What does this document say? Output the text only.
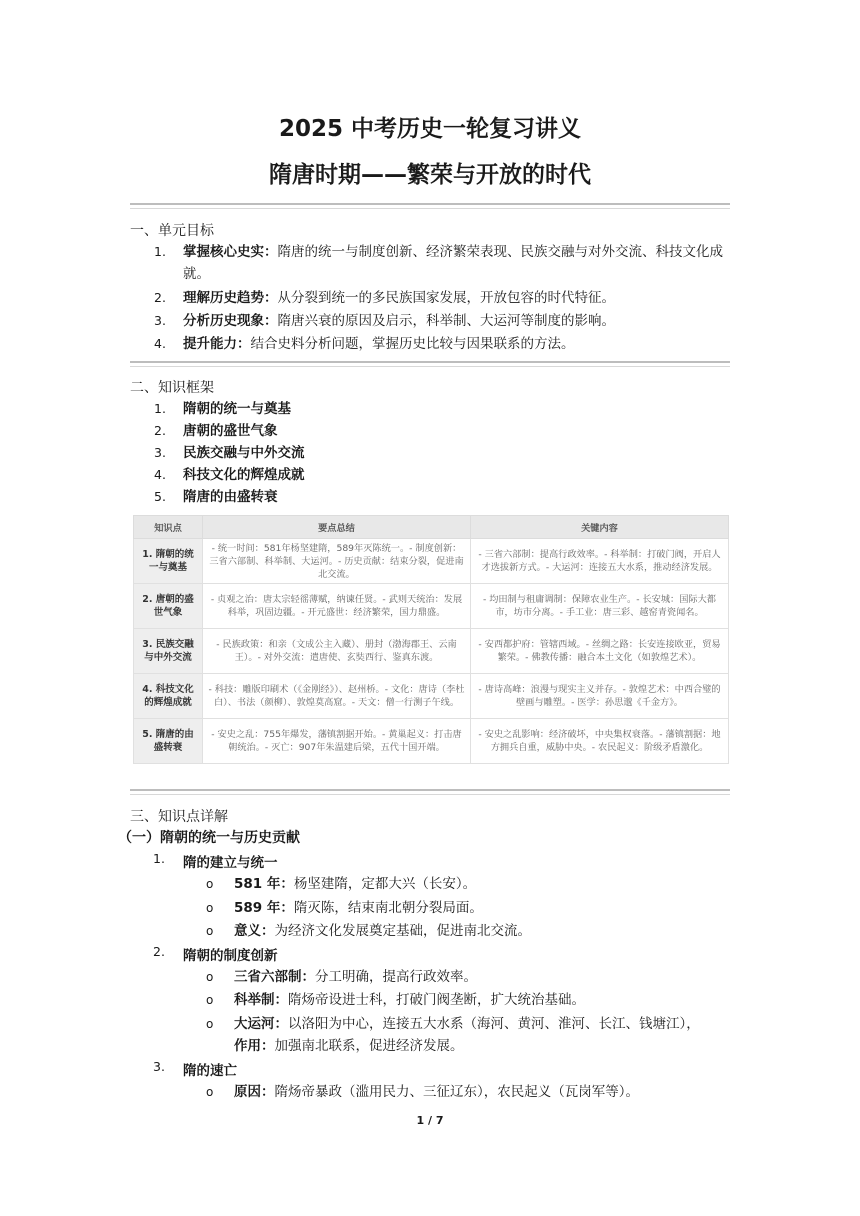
2025 中考历史一轮复习讲义
隋唐时期——繁荣与开放的时代
一、单元目标
1. 掌握核心史实：隋唐的统一与制度创新、经济繁荣表现、民族交融与对外交流、科技文化成就。
2. 理解历史趋势：从分裂到统一的多民族国家发展，开放包容的时代特征。
3. 分析历史现象：隋唐兴衰的原因及启示，科举制、大运河等制度的影响。
4. 提升能力：结合史料分析问题，掌握历史比较与因果联系的方法。
二、知识框架
1. 隋朝的统一与奠基
2. 唐朝的盛世气象
3. 民族交融与中外交流
4. 科技文化的辉煌成就
5. 隋唐的由盛转衰
知识点	要点总结	关键内容
1. 隋朝的统一与奠基	- 统一时间：581年杨坚建隋，589年灭陈统一。- 制度创新：三省六部制、科举制、大运河。- 历史贡献：结束分裂，促进南北交流。	- 三省六部制：提高行政效率。- 科举制：打破门阀，开启人才选拔新方式。- 大运河：连接五大水系，推动经济发展。
2. 唐朝的盛世气象	- 贞观之治：唐太宗轻徭薄赋，纳谏任贤。- 武则天统治：发展科举，巩固边疆。- 开元盛世：经济繁荣，国力鼎盛。	- 均田制与租庸调制：保障农业生产。- 长安城：国际大都市，坊市分离。- 手工业：唐三彩、越窑青瓷闻名。
3. 民族交融与中外交流	- 民族政策：和亲（文成公主入藏）、册封（渤海郡王、云南王）。- 对外交流：遣唐使、玄奘西行、鉴真东渡。	- 安西都护府：管辖西域。- 丝绸之路：长安连接欧亚，贸易繁荣。- 佛教传播：融合本土文化（如敦煌艺术）。
4. 科技文化的辉煌成就	- 科技：雕版印刷术（《金刚经》）、赵州桥。- 文化：唐诗（李杜白）、书法（颜柳）、敦煌莫高窟。- 天文：僧一行测子午线。	- 唐诗高峰：浪漫与现实主义并存。- 敦煌艺术：中西合璧的壁画与雕塑。- 医学：孙思邈《千金方》。
5. 隋唐的由盛转衰	- 安史之乱：755年爆发，藩镇割据开始。- 黄巢起义：打击唐朝统治。- 灭亡：907年朱温建后梁，五代十国开端。	- 安史之乱影响：经济破坏，中央集权衰落。- 藩镇割据：地方拥兵自重，威胁中央。- 农民起义：阶级矛盾激化。
三、知识点详解
（一）隋朝的统一与历史贡献
1. 隋的建立与统一
o 581 年：杨坚建隋，定都大兴（长安）。
o 589 年：隋灭陈，结束南北朝分裂局面。
o 意义：为经济文化发展奠定基础，促进南北交流。
2. 隋朝的制度创新
o 三省六部制：分工明确，提高行政效率。
o 科举制：隋炀帝设进士科，打破门阀垄断，扩大统治基础。
o 大运河：以洛阳为中心，连接五大水系（海河、黄河、淮河、长江、钱塘江），
作用：加强南北联系，促进经济发展。
3. 隋的速亡
o 原因：隋炀帝暴政（滥用民力、三征辽东），农民起义（瓦岗军等）。
1 / 7
